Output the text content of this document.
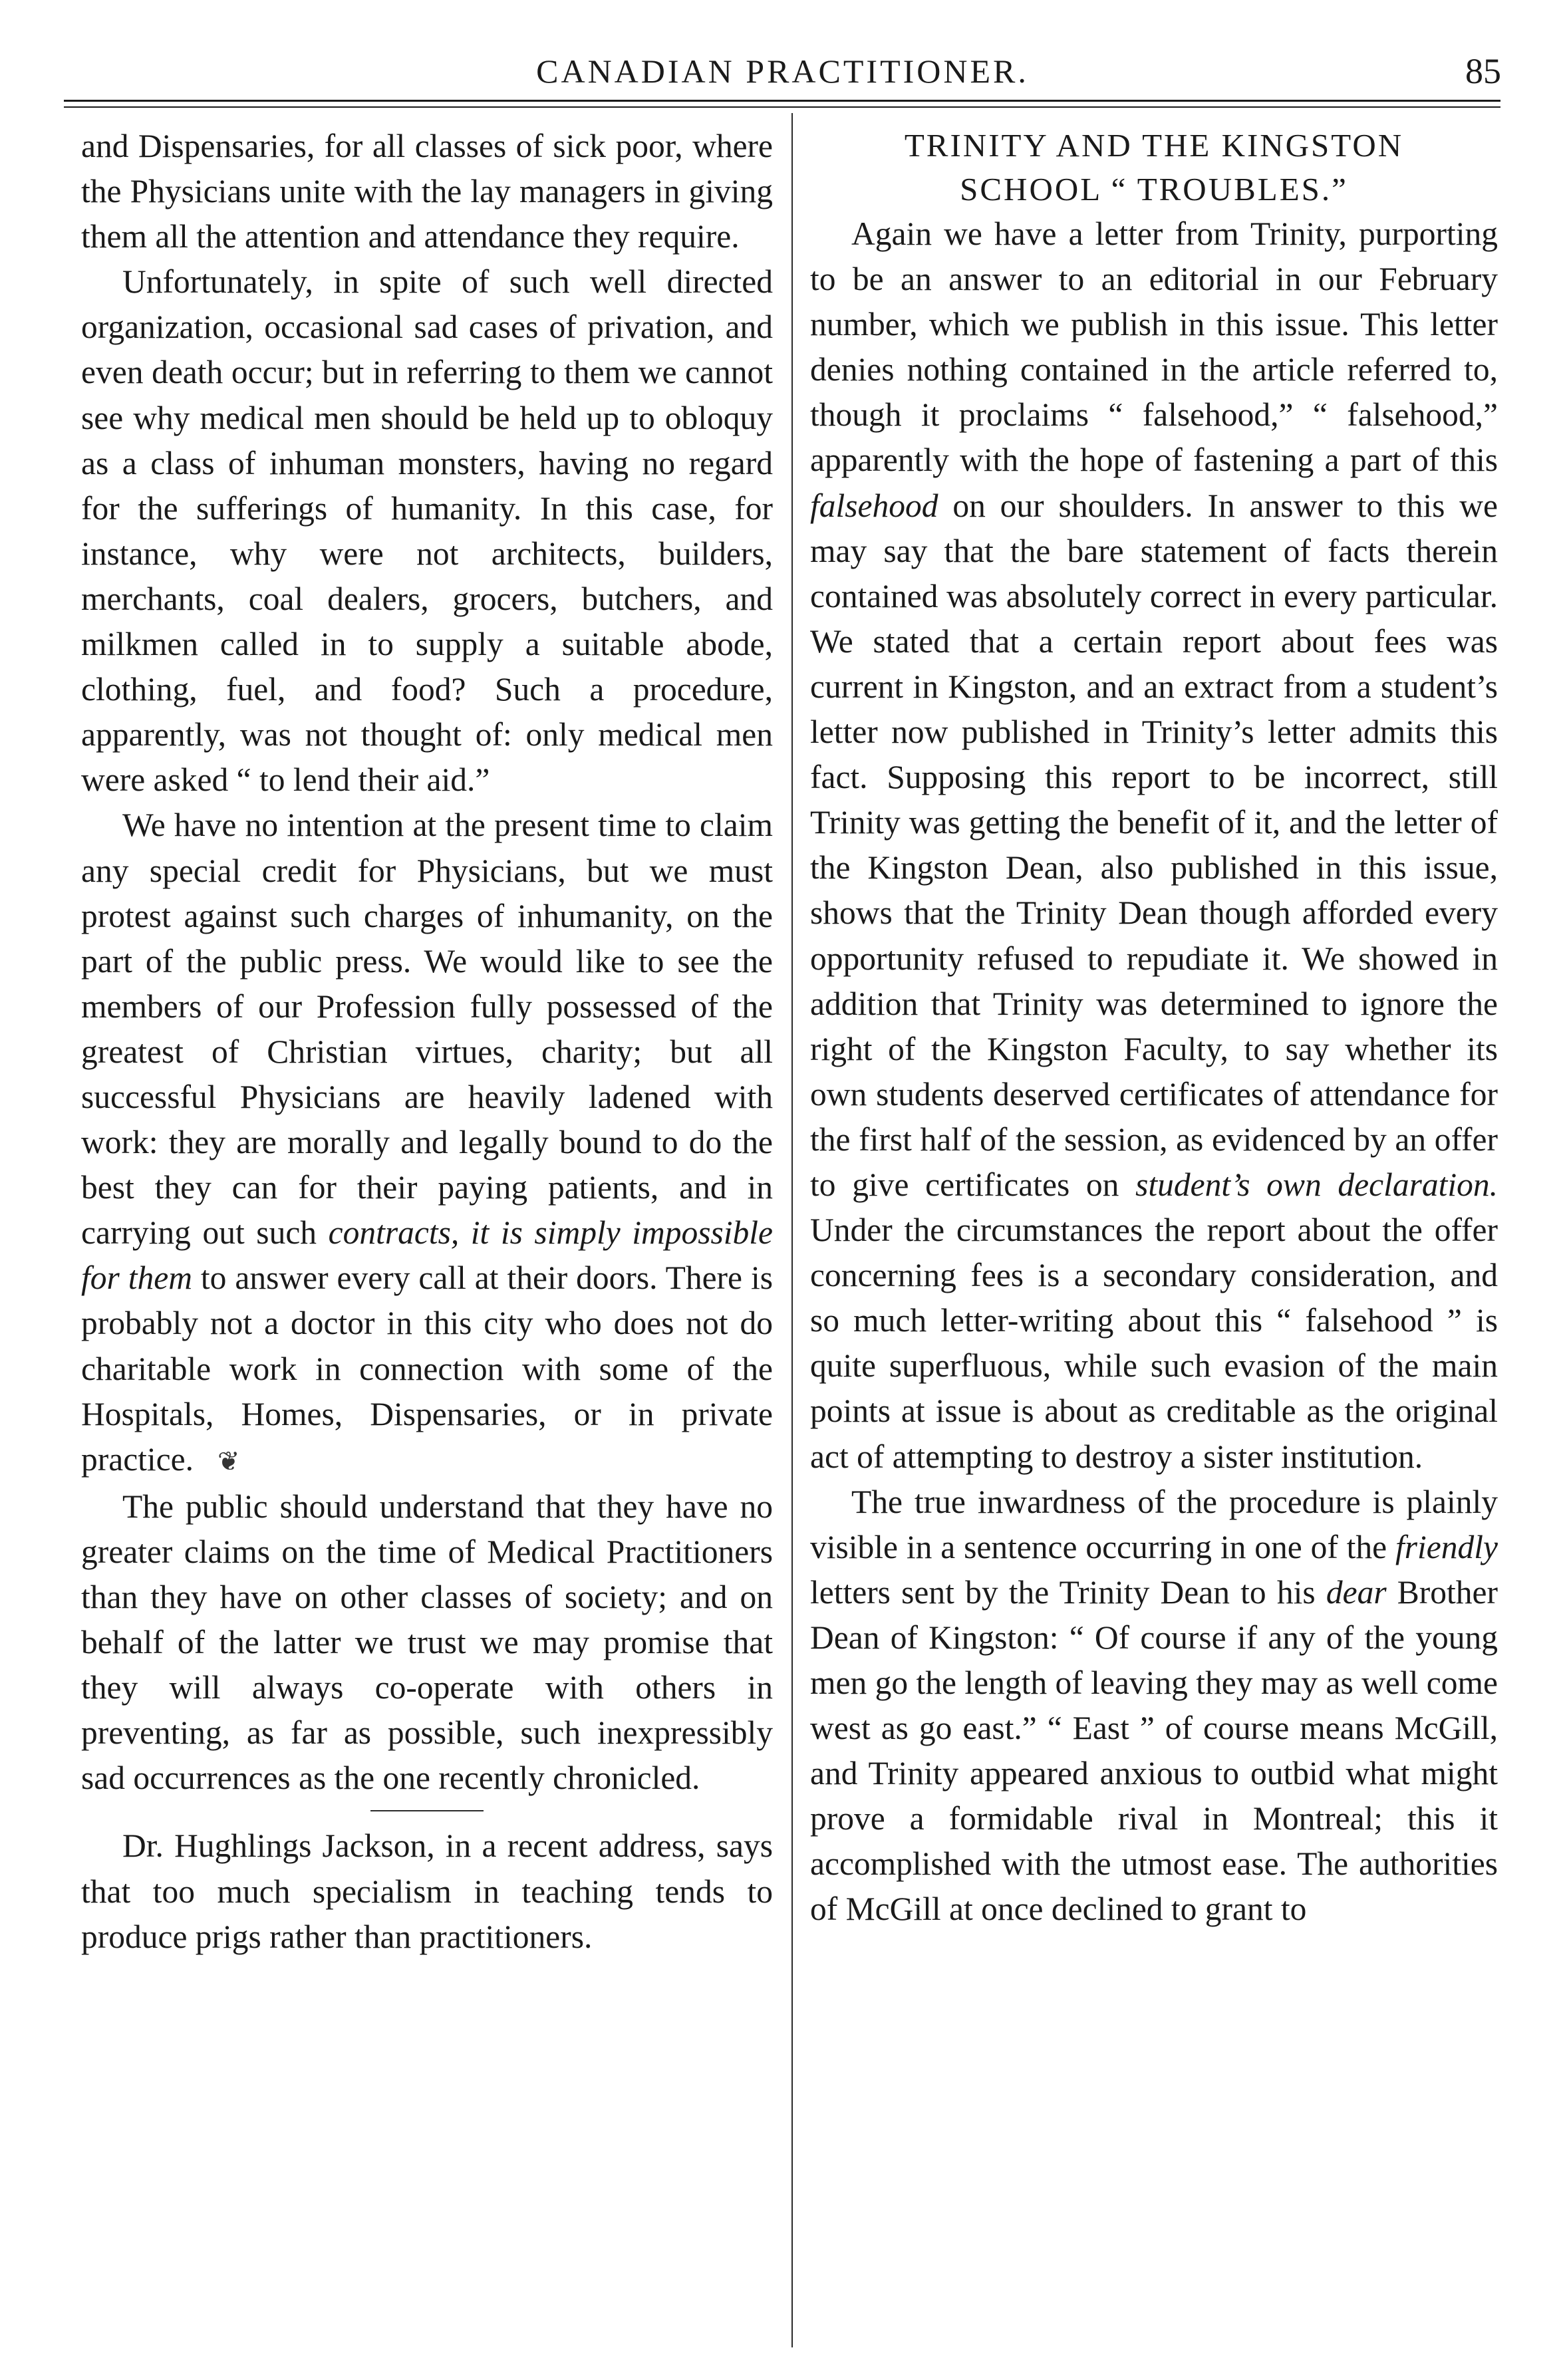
CANADIAN PRACTITIONER.	85

and Dispensaries, for all classes of sick poor, where the Physicians unite with the lay managers in giving them all the attention and attendance they require.

Unfortunately, in spite of such well directed organization, occasional sad cases of privation, and even death occur; but in referring to them we cannot see why medical men should be held up to obloquy as a class of inhuman monsters, having no regard for the sufferings of humanity. In this case, for instance, why were not architects, builders, merchants, coal dealers, grocers, butchers, and milkmen called in to supply a suitable abode, clothing, fuel, and food? Such a procedure, apparently, was not thought of: only medical men were asked “ to lend their aid.”

We have no intention at the present time to claim any special credit for Physicians, but we must protest against such charges of inhumanity, on the part of the public press. We would like to see the members of our Profession fully possessed of the greatest of Christian virtues, charity; but all successful Physicians are heavily ladened with work: they are morally and legally bound to do the best they can for their paying patients, and in carrying out such contracts, it is simply impossible for them to answer every call at their doors. There is probably not a doctor in this city who does not do charitable work in connection with some of the Hospitals, Homes, Dispensaries, or in private practice. ❦

The public should understand that they have no greater claims on the time of Medical Practitioners than they have on other classes of society; and on behalf of the latter we trust we may promise that they will always co-operate with others in preventing, as far as possible, such inexpressibly sad occurrences as the one recently chronicled.

Dr. Hughlings Jackson, in a recent address, says that too much specialism in teaching tends to produce prigs rather than practitioners.

TRINITY AND THE KINGSTON

SCHOOL “ TROUBLES.”

Again we have a letter from Trinity, purporting to be an answer to an editorial in our February number, which we publish in this issue. This letter denies nothing contained in the article referred to, though it proclaims “ falsehood,” “ falsehood,” apparently with the hope of fastening a part of this falsehood on our shoulders. In answer to this we may say that the bare statement of facts therein contained was absolutely correct in every particular. We stated that a certain report about fees was current in Kingston, and an extract from a student’s letter now published in Trinity’s letter admits this fact. Supposing this report to be incorrect, still Trinity was getting the benefit of it, and the letter of the Kingston Dean, also published in this issue, shows that the Trinity Dean though afforded every opportunity refused to repudiate it. We showed in addition that Trinity was determined to ignore the right of the Kingston Faculty, to say whether its own students deserved certificates of attendance for the first half of the session, as evidenced by an offer to give certificates on student’s own declaration. Under the circumstances the report about the offer concerning fees is a secondary consideration, and so much letter-writing about this “ falsehood ” is quite superfluous, while such evasion of the main points at issue is about as creditable as the original act of attempting to destroy a sister institution.

The true inwardness of the procedure is plainly visible in a sentence occurring in one of the friendly letters sent by the Trinity Dean to his dear Brother Dean of Kingston: “ Of course if any of the young men go the length of leaving they may as well come west as go east.” “ East ” of course means McGill, and Trinity appeared anxious to outbid what might prove a formidable rival in Montreal; this it accomplished with the utmost ease. The authorities of McGill at once declined to grant to
